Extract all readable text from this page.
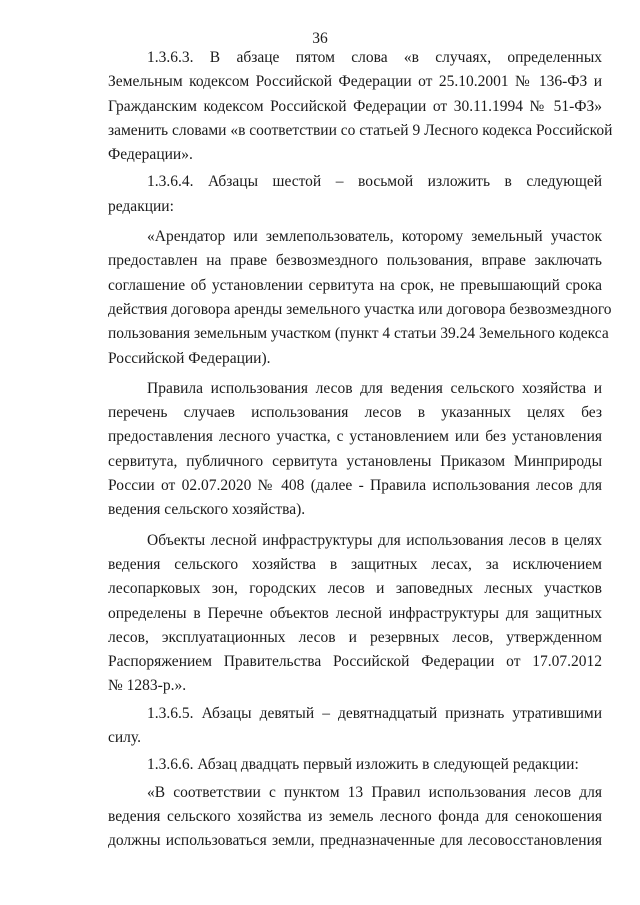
36
1.3.6.3. В абзаце пятом слова «в случаях, определенных
Земельным кодексом Российской Федерации от 25.10.2001 № 136-ФЗ и
Гражданским кодексом Российской Федерации от 30.11.1994 № 51-ФЗ»
заменить словами «в соответствии со статьей 9 Лесного кодекса Российской
Федерации».
1.3.6.4. Абзацы шестой – восьмой изложить в следующей
редакции:
«Арендатор или землепользователь, которому земельный участок
предоставлен на праве безвозмездного пользования, вправе заключать
соглашение об установлении сервитута на срок, не превышающий срока
действия договора аренды земельного участка или договора безвозмездного
пользования земельным участком (пункт 4 статьи 39.24 Земельного кодекса
Российской Федерации).
Правила использования лесов для ведения сельского хозяйства и
перечень случаев использования лесов в указанных целях без
предоставления лесного участка, с установлением или без установления
сервитута, публичного сервитута установлены Приказом Минприроды
России от 02.07.2020 № 408 (далее - Правила использования лесов для
ведения сельского хозяйства).
Объекты лесной инфраструктуры для использования лесов в целях
ведения сельского хозяйства в защитных лесах, за исключением
лесопарковых зон, городских лесов и заповедных лесных участков
определены в Перечне объектов лесной инфраструктуры для защитных
лесов, эксплуатационных лесов и резервных лесов, утвержденном
Распоряжением Правительства Российской Федерации от 17.07.2012
№ 1283-р.».
1.3.6.5. Абзацы девятый – девятнадцатый признать утратившими
силу.
1.3.6.6. Абзац двадцать первый изложить в следующей редакции:
«В соответствии с пунктом 13 Правил использования лесов для
ведения сельского хозяйства из земель лесного фонда для сенокошения
должны использоваться земли, предназначенные для лесовосстановления
